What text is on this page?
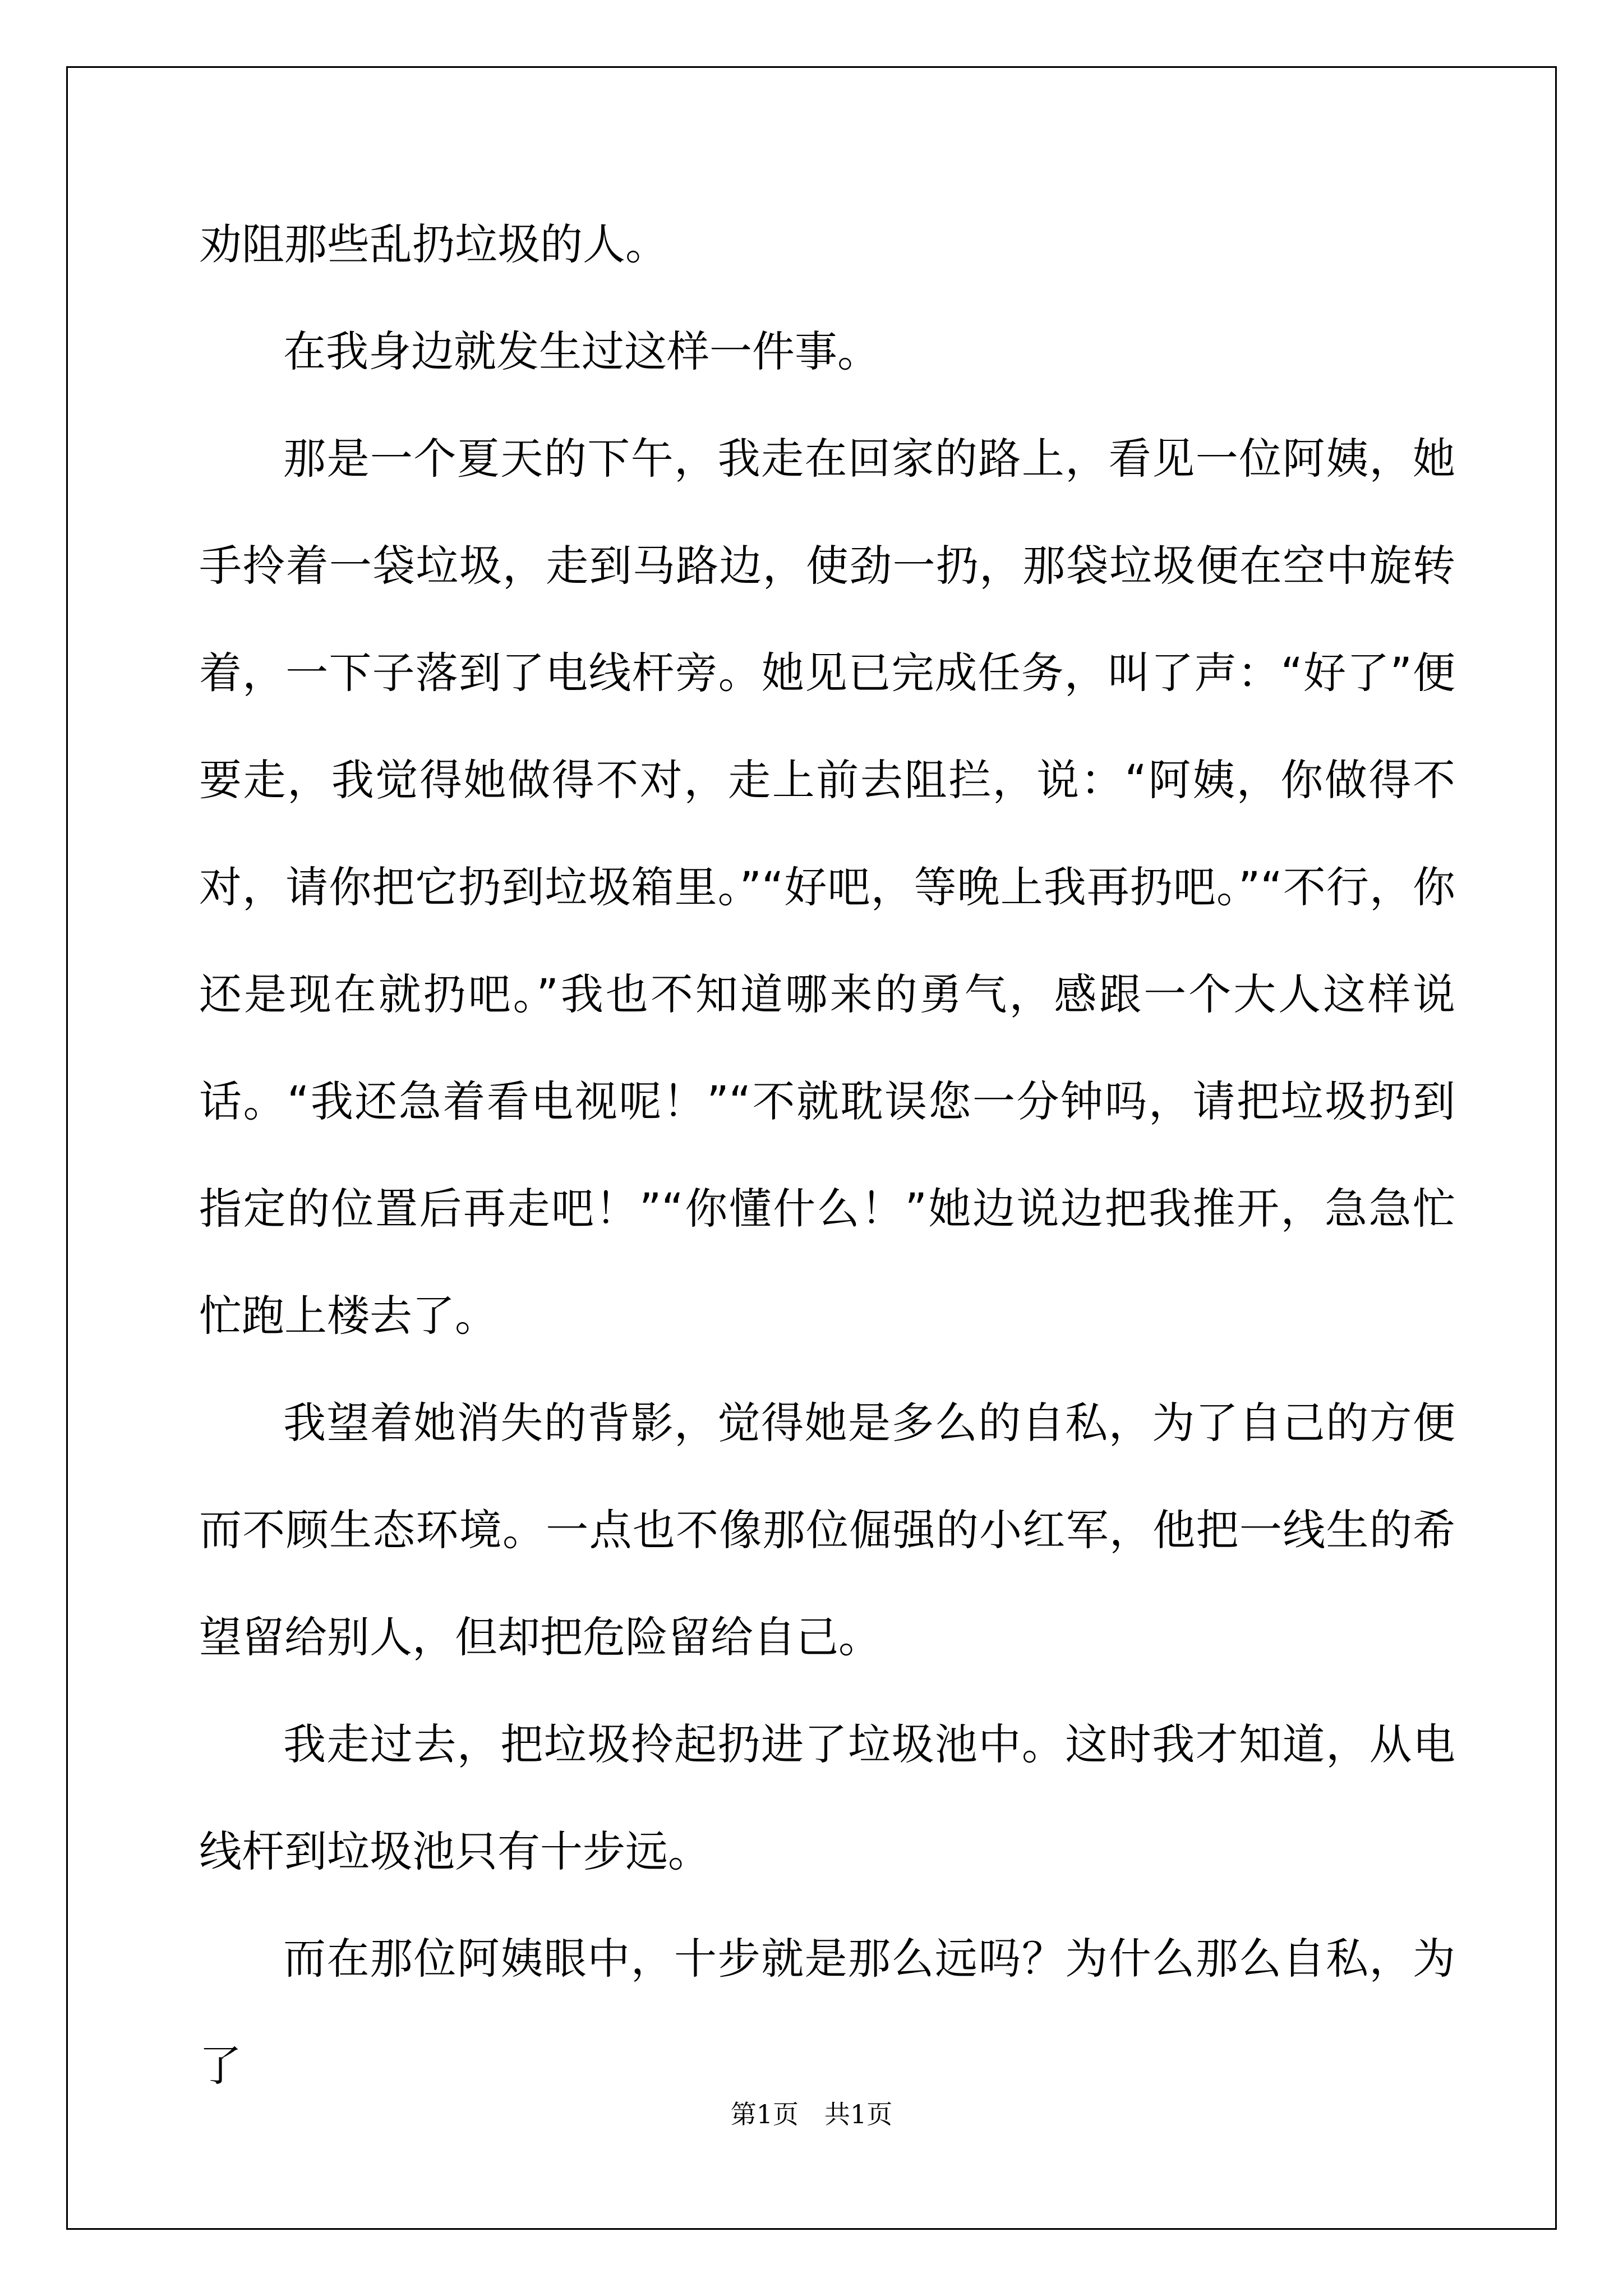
劝阻那些乱扔垃圾的人。

在我身边就发生过这样一件事。

那是一个夏天的下午，我走在回家的路上，看见一位阿姨，她手拎着一袋垃圾，走到马路边，使劲一扔，那袋垃圾便在空中旋转着，一下子落到了电线杆旁。她见已完成任务，叫了声：“好了”便要走，我觉得她做得不对，走上前去阻拦，说：“阿姨，你做得不对，请你把它扔到垃圾箱里。”“好吧，等晚上我再扔吧。”“不行，你还是现在就扔吧。”我也不知道哪来的勇气，感跟一个大人这样说话。“我还急着看电视呢！”“不就耽误您一分钟吗，请把垃圾扔到指定的位置后再走吧！”“你懂什么！”她边说边把我推开，急急忙忙跑上楼去了。

我望着她消失的背影，觉得她是多么的自私，为了自己的方便而不顾生态环境。一点也不像那位倔强的小红军，他把一线生的希望留给别人，但却把危险留给自己。

我走过去，把垃圾拎起扔进了垃圾池中。这时我才知道，从电线杆到垃圾池只有十步远。

而在那位阿姨眼中，十步就是那么远吗？为什么那么自私，为了

第1页　共1页
